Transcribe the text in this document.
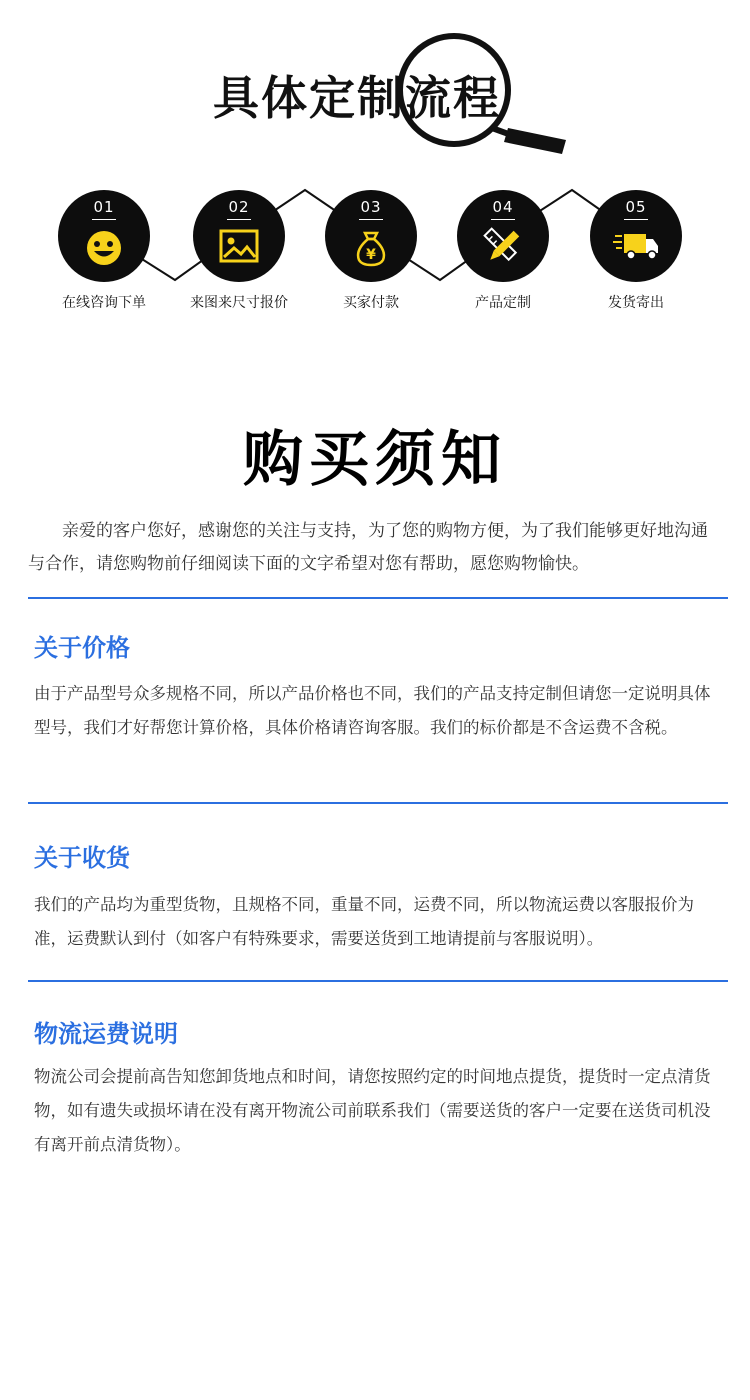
具体定制流程
01
在线咨询下单
02
来图来尺寸报价
03
¥
买家付款
04
产品定制
05
发货寄出
购买须知

亲爱的客户您好，感谢您的关注与支持，为了您的购物方便，为了我们能够更好地沟通与合作，请您购物前仔细阅读下面的文字希望对您有帮助，愿您购物愉快。

关于价格

由于产品型号众多规格不同，所以产品价格也不同，我们的产品支持定制但请您一定说明具体型号，我们才好帮您计算价格，具体价格请咨询客服。我们的标价都是不含运费不含税。

关于收货

我们的产品均为重型货物，且规格不同，重量不同，运费不同，所以物流运费以客服报价为准，运费默认到付（如客户有特殊要求，需要送货到工地请提前与客服说明）。

物流运费说明

物流公司会提前高告知您卸货地点和时间，请您按照约定的时间地点提货，提货时一定点清货物，如有遗失或损坏请在没有离开物流公司前联系我们（需要送货的客户一定要在送货司机没有离开前点清货物）。
